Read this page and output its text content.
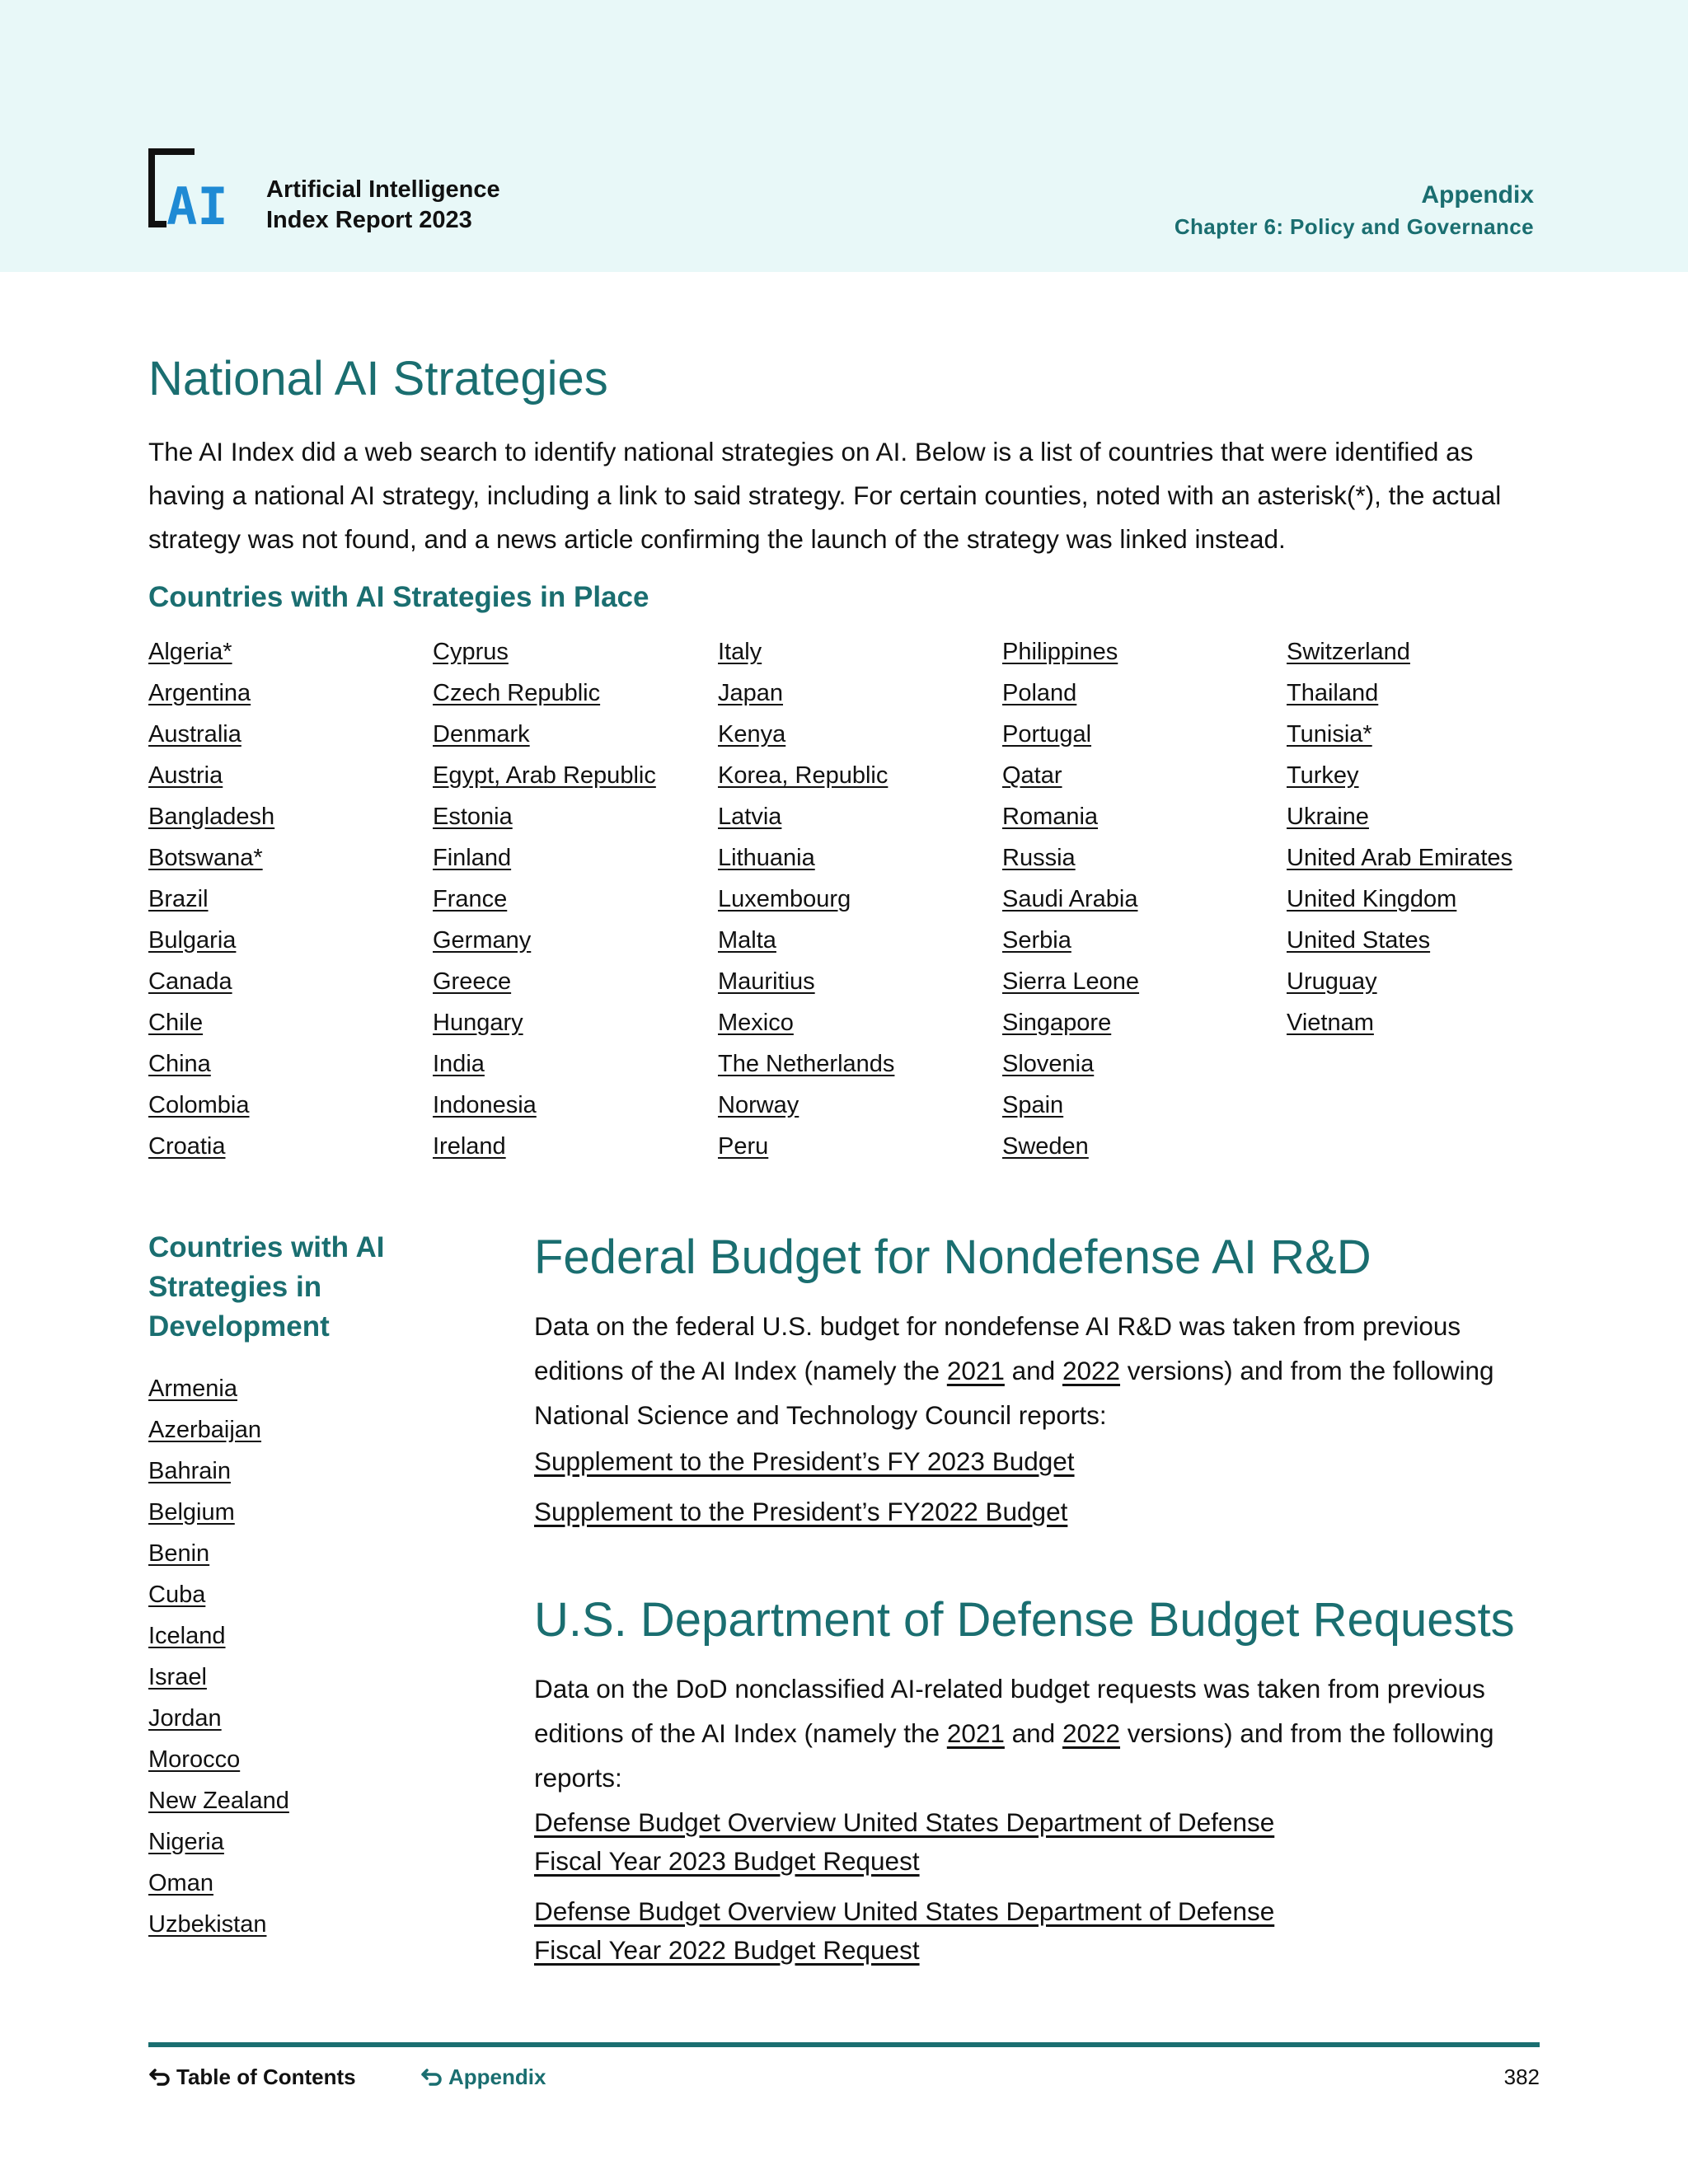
AI Artificial Intelligence
Index Report 2023
Appendix
Chapter 6: Policy and Governance
National AI Strategies
The AI Index did a web search to identify national strategies on AI. Below is a list of countries that were identified as having a national AI strategy, including a link to said strategy. For certain counties, noted with an asterisk(*), the actual strategy was not found, and a news article confirming the launch of the strategy was linked instead.
Countries with AI Strategies in Place
Algeria*
Argentina
Australia
Austria
Bangladesh
Botswana*
Brazil
Bulgaria
Canada
Chile
China
Colombia
Croatia
Cyprus
Czech Republic
Denmark
Egypt, Arab Republic
Estonia
Finland
France
Germany
Greece
Hungary
India
Indonesia
Ireland
Italy
Japan
Kenya
Korea, Republic
Latvia
Lithuania
Luxembourg
Malta
Mauritius
Mexico
The Netherlands
Norway
Peru
Philippines
Poland
Portugal
Qatar
Romania
Russia
Saudi Arabia
Serbia
Sierra Leone
Singapore
Slovenia
Spain
Sweden
Switzerland
Thailand
Tunisia*
Turkey
Ukraine
United Arab Emirates
United Kingdom
United States
Uruguay
Vietnam
Countries with AI Strategies in Development
Armenia
Azerbaijan
Bahrain
Belgium
Benin
Cuba
Iceland
Israel
Jordan
Morocco
New Zealand
Nigeria
Oman
Uzbekistan
Federal Budget for Nondefense AI R&D
Data on the federal U.S. budget for nondefense AI R&D was taken from previous editions of the AI Index (namely the 2021 and 2022 versions) and from the following National Science and Technology Council reports:
Supplement to the President’s FY 2023 Budget
Supplement to the President’s FY2022 Budget
U.S. Department of Defense Budget Requests
Data on the DoD nonclassified AI-related budget requests was taken from previous editions of the AI Index (namely the 2021 and 2022 versions) and from the following reports:
Defense Budget Overview United States Department of Defense
Fiscal Year 2023 Budget Request
Defense Budget Overview United States Department of Defense
Fiscal Year 2022 Budget Request
Table of Contents	Appendix	382
